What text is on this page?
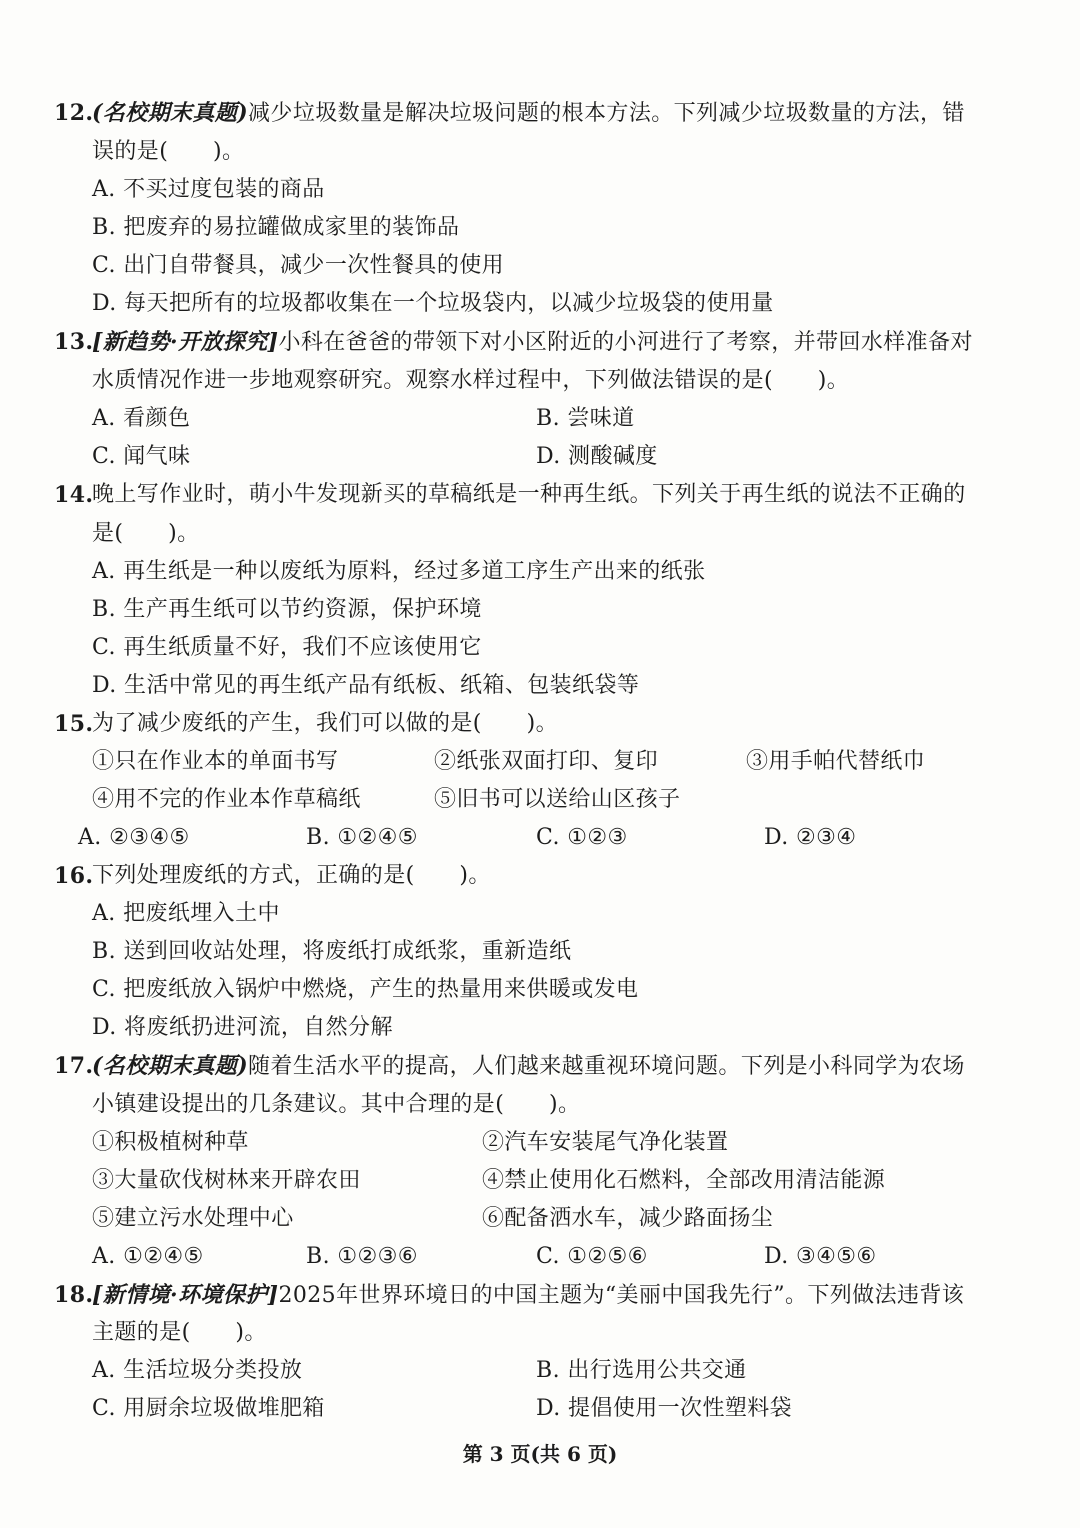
12.
(名校期末真题)减少垃圾数量是解决垃圾问题的根本方法。下列减少垃圾数量的方法，错
误的是(　　)。
A. 不买过度包装的商品
B. 把废弃的易拉罐做成家里的装饰品
C. 出门自带餐具，减少一次性餐具的使用
D. 每天把所有的垃圾都收集在一个垃圾袋内，以减少垃圾袋的使用量
13.
[新趋势·开放探究]小科在爸爸的带领下对小区附近的小河进行了考察，并带回水样准备对
水质情况作进一步地观察研究。观察水样过程中，下列做法错误的是(　　)。
A. 看颜色	B. 尝味道
C. 闻气味	D. 测酸碱度
14.
晚上写作业时，萌小牛发现新买的草稿纸是一种再生纸。下列关于再生纸的说法不正确的
是(　　)。
A. 再生纸是一种以废纸为原料，经过多道工序生产出来的纸张
B. 生产再生纸可以节约资源，保护环境
C. 再生纸质量不好，我们不应该使用它
D. 生活中常见的再生纸产品有纸板、纸箱、包装纸袋等
15.
为了减少废纸的产生，我们可以做的是(　　)。
①只在作业本的单面书写	②纸张双面打印、复印	③用手帕代替纸巾
④用不完的作业本作草稿纸	⑤旧书可以送给山区孩子
A. ②③④⑤	B. ①②④⑤	C. ①②③	D. ②③④
16.
下列处理废纸的方式，正确的是(　　)。
A. 把废纸埋入土中
B. 送到回收站处理，将废纸打成纸浆，重新造纸
C. 把废纸放入锅炉中燃烧，产生的热量用来供暖或发电
D. 将废纸扔进河流，自然分解
17.
(名校期末真题)随着生活水平的提高，人们越来越重视环境问题。下列是小科同学为农场
小镇建设提出的几条建议。其中合理的是(　　)。
①积极植树种草	②汽车安装尾气净化装置
③大量砍伐树林来开辟农田	④禁止使用化石燃料，全部改用清洁能源
⑤建立污水处理中心	⑥配备洒水车，减少路面扬尘
A. ①②④⑤	B. ①②③⑥	C. ①②⑤⑥	D. ③④⑤⑥
18.
[新情境·环境保护]2025年世界环境日的中国主题为“美丽中国我先行”。下列做法违背该
主题的是(　　)。
A. 生活垃圾分类投放	B. 出行选用公共交通
C. 用厨余垃圾做堆肥箱	D. 提倡使用一次性塑料袋
第 3 页(共 6 页)
